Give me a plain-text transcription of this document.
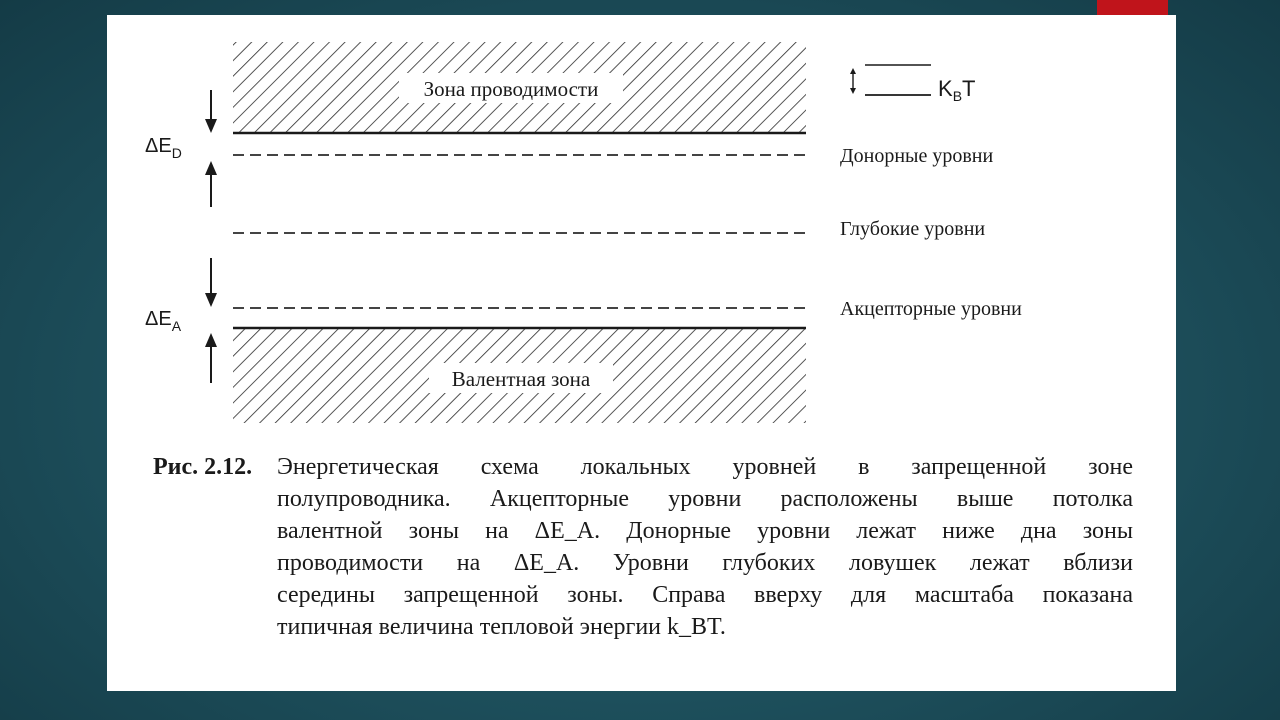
Зона проводимости
Валентная зона
$\Delta E_D$
$\Delta E_A$
$K_BT$
Донорные уровни
Глубокие уровни
Акцепторные уровни
Рис. 2.12.	Энергетическая схема локальных уровней в запрещенной зоне
полупроводника. Акцепторные уровни расположены выше потолка
валентной зоны на ΔE_A. Донорные уровни лежат ниже дна зоны
проводимости на ΔE_A. Уровни глубоких ловушек лежат вблизи
середины запрещенной зоны. Справа вверху для масштаба показана
типичная величина тепловой энергии k_BT.
